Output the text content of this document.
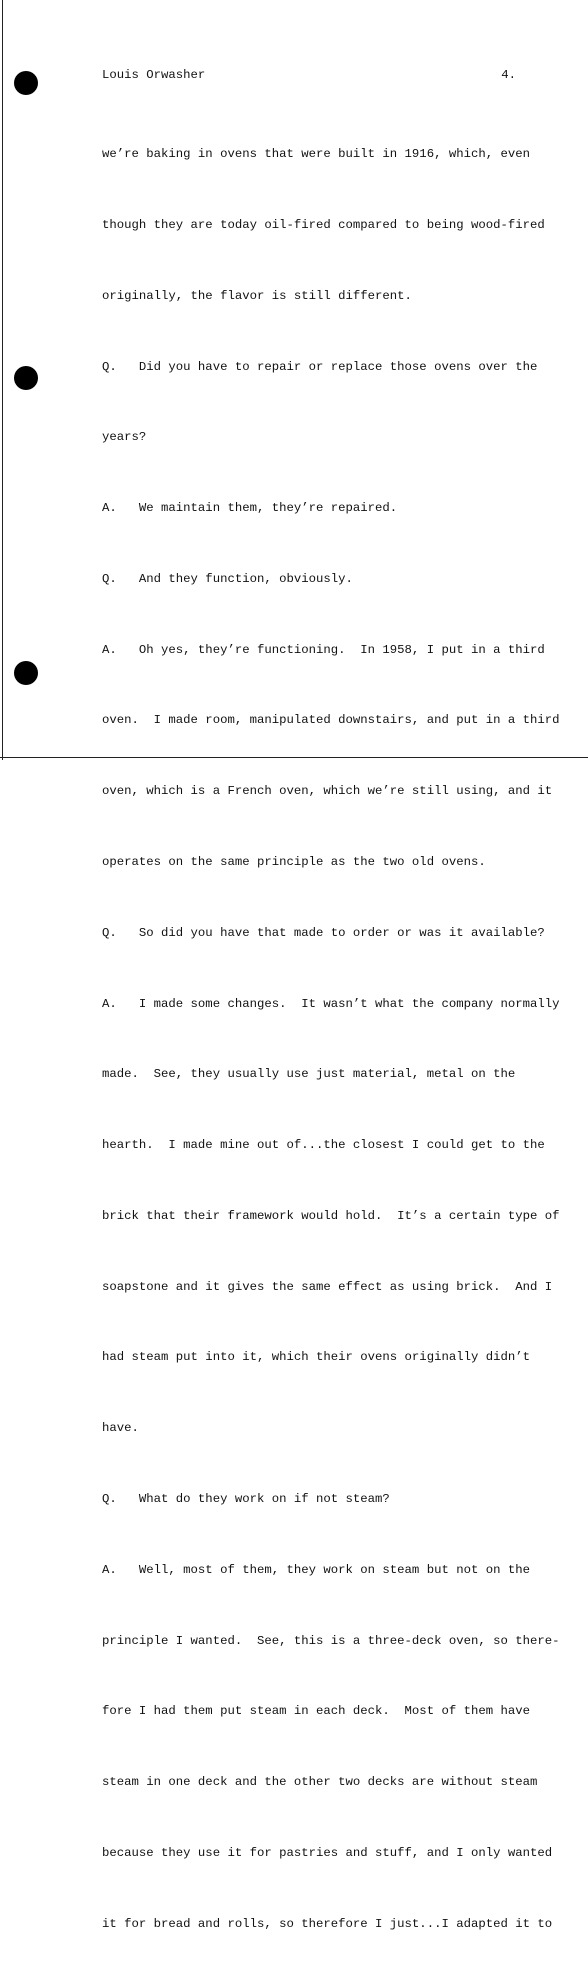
Louis Orwasher	4.

we’re baking in ovens that were built in 1916, which, even

though they are today oil-fired compared to being wood-fired

originally, the flavor is still different.

Q.   Did you have to repair or replace those ovens over the

years?

A.   We maintain them, they’re repaired.

Q.   And they function, obviously.

A.   Oh yes, they’re functioning.  In 1958, I put in a third

oven.  I made room, manipulated downstairs, and put in a third

oven, which is a French oven, which we’re still using, and it

operates on the same principle as the two old ovens.

Q.   So did you have that made to order or was it available?

A.   I made some changes.  It wasn’t what the company normally

made.  See, they usually use just material, metal on the

hearth.  I made mine out of...the closest I could get to the

brick that their framework would hold.  It’s a certain type of

soapstone and it gives the same effect as using brick.  And I

had steam put into it, which their ovens originally didn’t

have.

Q.   What do they work on if not steam?

A.   Well, most of them, they work on steam but not on the

principle I wanted.  See, this is a three-deck oven, so there-

fore I had them put steam in each deck.  Most of them have

steam in one deck and the other two decks are without steam

because they use it for pastries and stuff, and I only wanted

it for bread and rolls, so therefore I just...I adapted it to
